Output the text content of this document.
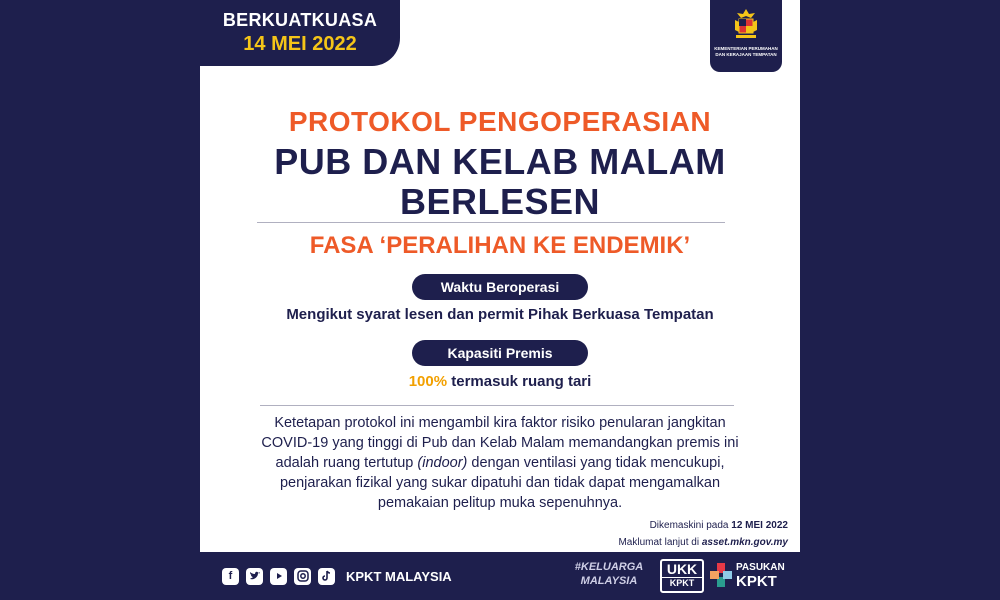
BERKUATKUASA
14 MEI 2022	KEMENTERIAN PERUMAHAN DAN KERAJAAN TEMPATAN
PROTOKOL PENGOPERASIAN
PUB DAN KELAB MALAM
BERLESEN
FASA ‘PERALIHAN KE ENDEMIK’
Waktu Beroperasi
Mengikut syarat lesen dan permit Pihak Berkuasa Tempatan
Kapasiti Premis
100% termasuk ruang tari
Ketetapan protokol ini mengambil kira faktor risiko penularan jangkitan COVID-19 yang tinggi di Pub dan Kelab Malam memandangkan premis ini adalah ruang tertutup (indoor) dengan ventilasi yang tidak mencukupi, penjarakan fizikal yang sukar dipatuhi dan tidak dapat mengamalkan pemakaian pelitup muka sepenuhnya.
Dikemaskini pada 12 MEI 2022
Maklumat lanjut di asset.mkn.gov.my
f	KPKT MALAYSIA
#KELUARGA MALAYSIA
UKK
KPKT
PASUKAN
KPKT
